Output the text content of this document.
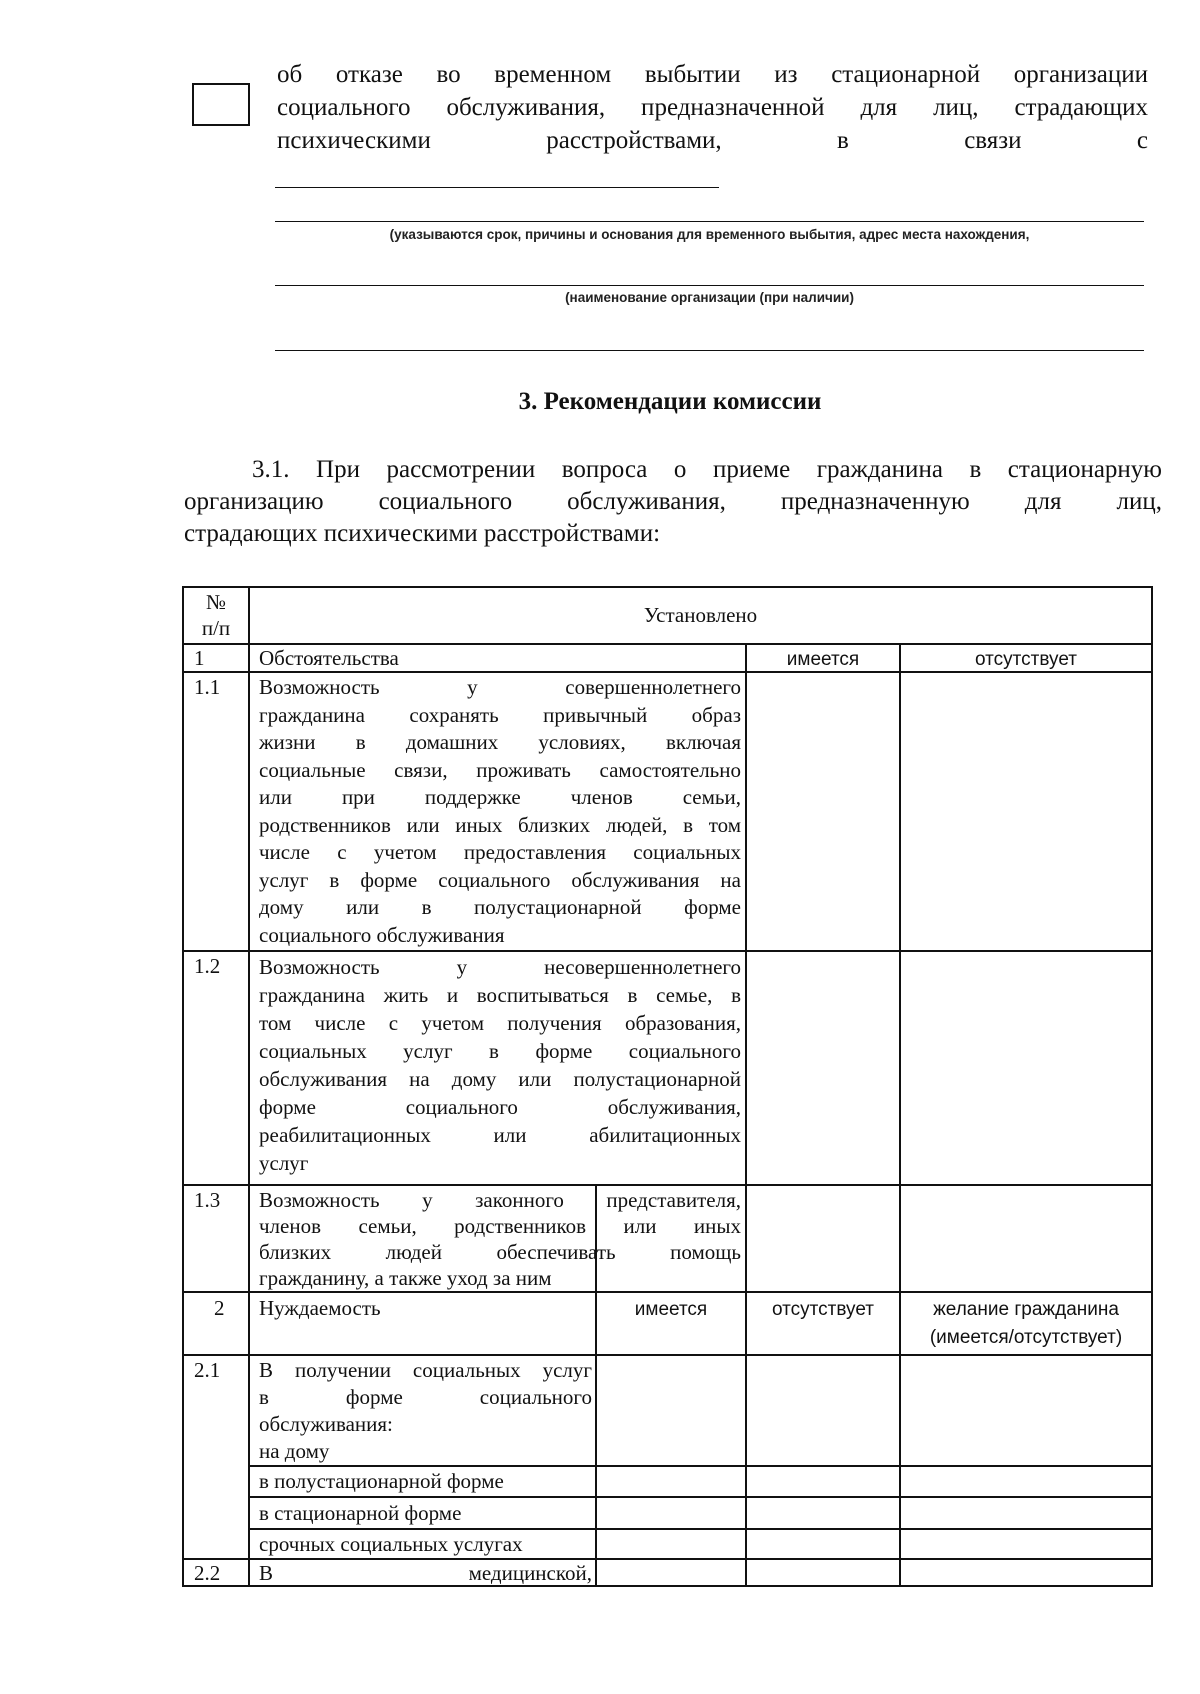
об отказе во временном выбытии из стационарной организации
социального обслуживания, предназначенной для лиц, страдающих
психическими расстройствами, в связи с
(указываются срок, причины и основания для временного выбытия, адрес места нахождения,
(наименование организации (при наличии)
3. Рекомендации комиссии
3.1. При рассмотрении вопроса о приеме гражданина в стационарную
организацию социального обслуживания, предназначенную для лиц,
страдающих психическими расстройствами:
№
п/п
Установлено
1	Обстоятельства	имеется	отсутствует
1.1 Возможность у совершеннолетнего
гражданина сохранять привычный образ
жизни в домашних условиях, включая
социальные связи, проживать самостоятельно
или при поддержке членов семьи,
родственников или иных близких людей, в том
числе с учетом предоставления социальных
услуг в форме социального обслуживания на
дому или в полустационарной форме
социального обслуживания
1.2 Возможность у несовершеннолетнего
гражданина жить и воспитываться в семье, в
том числе с учетом получения образования,
социальных услуг в форме социального
обслуживания на дому или полустационарной
форме социального обслуживания,
реабилитационных или абилитационных
услуг
1.3 Возможность у законного представителя,
членов семьи, родственников или иных
близких людей обеспечивать помощь
гражданину, а также уход за ним
2 Нуждаемость	имеется	отсутствует	желание гражданина
(имеется/отсутствует)
2.1 В получении социальных услуг
в форме социального
обслуживания:
на дому
в полустационарной форме
в стационарной форме
срочных социальных услугах
2.2 В медицинской,
